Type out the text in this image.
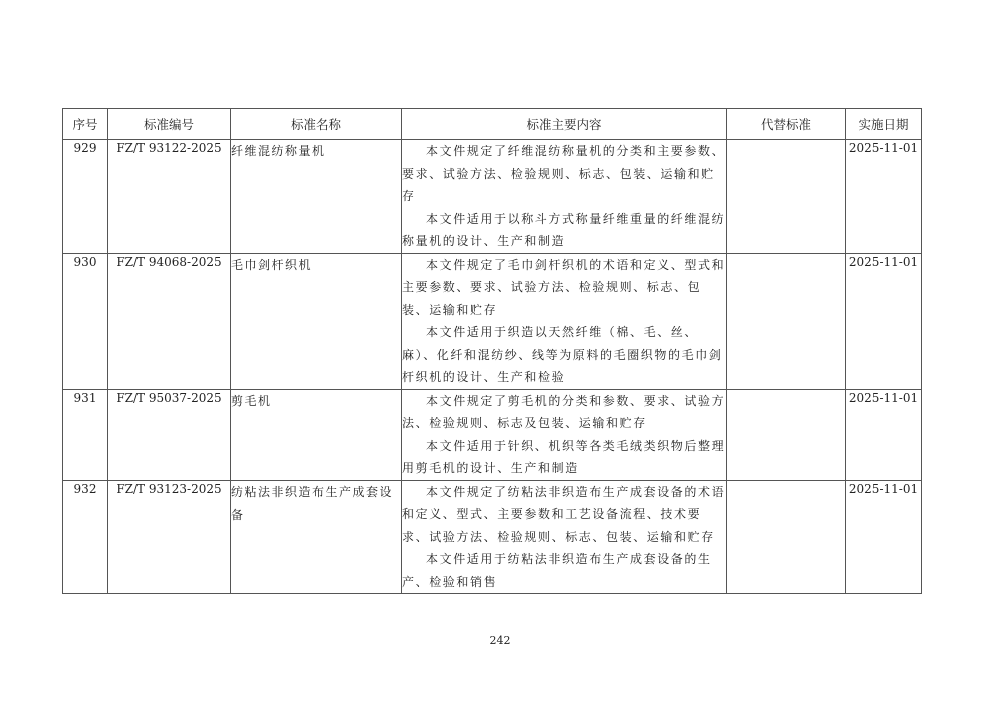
序号	标准编号	标准名称	标准主要内容	代替标准	实施日期
929	FZ/T 93122-2025	纤维混纺称量机	本文件规定了纤维混纺称量机的分类和主要参数、要求、试验方法、检验规则、标志、包装、运输和贮存

本文件适用于以称斗方式称量纤维重量的纤维混纺称量机的设计、生产和制造		2025-11-01
930	FZ/T 94068-2025	毛巾剑杆织机	本文件规定了毛巾剑杆织机的术语和定义、型式和主要参数、要求、试验方法、检验规则、标志、包装、运输和贮存

本文件适用于织造以天然纤维（棉、毛、丝、麻）、化纤和混纺纱、线等为原料的毛圈织物的毛巾剑杆织机的设计、生产和检验		2025-11-01
931	FZ/T 95037-2025	剪毛机	本文件规定了剪毛机的分类和参数、要求、试验方法、检验规则、标志及包装、运输和贮存

本文件适用于针织、机织等各类毛绒类织物后整理用剪毛机的设计、生产和制造		2025-11-01
932	FZ/T 93123-2025	纺粘法非织造布生产成套设备	本文件规定了纺粘法非织造布生产成套设备的术语和定义、型式、主要参数和工艺设备流程、技术要求、试验方法、检验规则、标志、包装、运输和贮存

本文件适用于纺粘法非织造布生产成套设备的生产、检验和销售		2025-11-01
242
